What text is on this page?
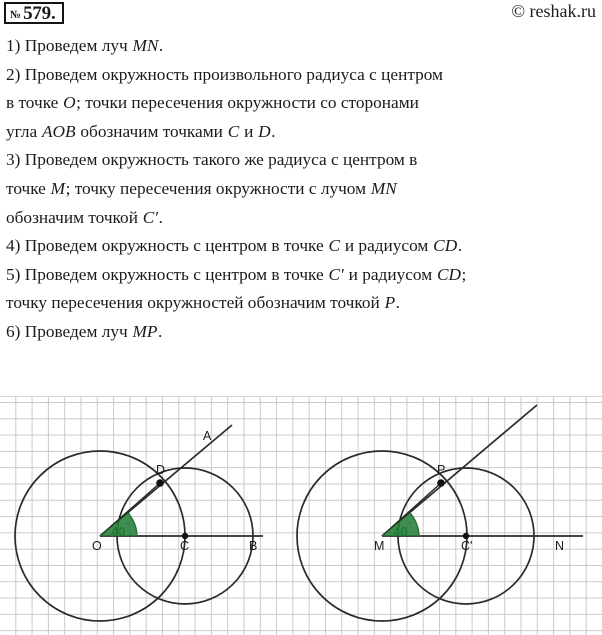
№ 579.	© reshak.ru
1) Проведем луч MN.
2) Проведем окружность произвольного радиуса с центром
в точке O; точки пересечения окружности со сторонами
угла AOB обозначим точками C и D.
3) Проведем окружность такого же радиуса с центром в
точке M; точку пересечения окружности с лучом MN
обозначим точкой C′.
4) Проведем окружность с центром в точке C и радиусом CD.
5) Проведем окружность с центром в точке C′ и радиусом CD;
точку пересечения окружностей обозначим точкой P.
6) Проведем луч MP.
O
A
B
C
D
40 °
M	N
C'
P
40 °
